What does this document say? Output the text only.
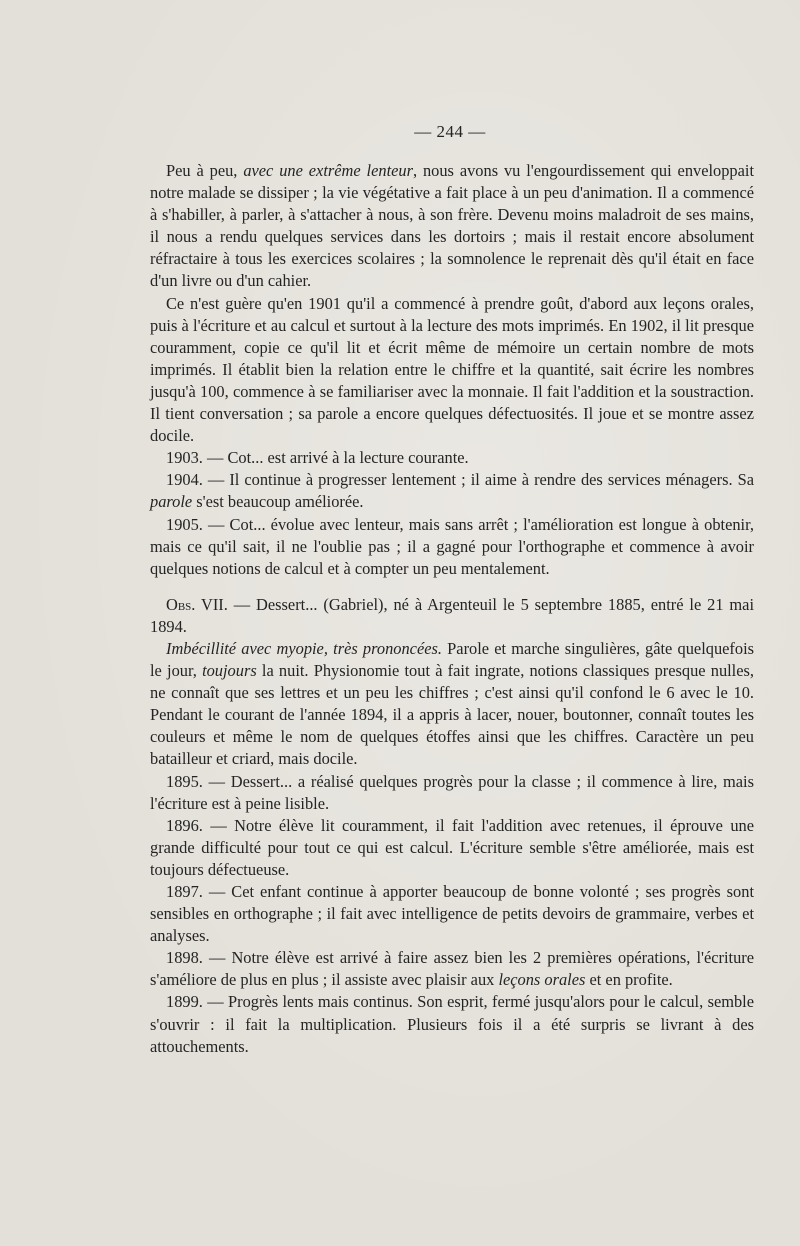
— 244 —

Peu à peu, avec une extrême lenteur, nous avons vu l'engourdissement qui enveloppait notre malade se dissiper ; la vie végétative a fait place à un peu d'animation. Il a commencé à s'habiller, à parler, à s'attacher à nous, à son frère. Devenu moins maladroit de ses mains, il nous a rendu quelques services dans les dortoirs ; mais il restait encore absolument réfractaire à tous les exercices scolaires ; la somnolence le reprenait dès qu'il était en face d'un livre ou d'un cahier.

Ce n'est guère qu'en 1901 qu'il a commencé à prendre goût, d'abord aux leçons orales, puis à l'écriture et au calcul et surtout à la lecture des mots imprimés. En 1902, il lit presque couramment, copie ce qu'il lit et écrit même de mémoire un certain nombre de mots imprimés. Il établit bien la relation entre le chiffre et la quantité, sait écrire les nombres jusqu'à 100, commence à se familiariser avec la monnaie. Il fait l'addition et la soustraction. Il tient conversation ; sa parole a encore quelques défectuosités. Il joue et se montre assez docile.

1903. — Cot... est arrivé à la lecture courante.

1904. — Il continue à progresser lentement ; il aime à rendre des services ménagers. Sa parole s'est beaucoup améliorée.

1905. — Cot... évolue avec lenteur, mais sans arrêt ; l'amélioration est longue à obtenir, mais ce qu'il sait, il ne l'oublie pas ; il a gagné pour l'orthographe et commence à avoir quelques notions de calcul et à compter un peu mentalement.

Obs. VII. — Dessert... (Gabriel), né à Argenteuil le 5 septembre 1885, entré le 21 mai 1894.

Imbécillité avec myopie, très prononcées. Parole et marche singulières, gâte quelquefois le jour, toujours la nuit. Physionomie tout à fait ingrate, notions classiques presque nulles, ne connaît que ses lettres et un peu les chiffres ; c'est ainsi qu'il confond le 6 avec le 10. Pendant le courant de l'année 1894, il a appris à lacer, nouer, boutonner, connaît toutes les couleurs et même le nom de quelques étoffes ainsi que les chiffres. Caractère un peu batailleur et criard, mais docile.

1895. — Dessert... a réalisé quelques progrès pour la classe ; il commence à lire, mais l'écriture est à peine lisible.

1896. — Notre élève lit couramment, il fait l'addition avec retenues, il éprouve une grande difficulté pour tout ce qui est calcul. L'écriture semble s'être améliorée, mais est toujours défectueuse.

1897. — Cet enfant continue à apporter beaucoup de bonne volonté ; ses progrès sont sensibles en orthographe ; il fait avec intelligence de petits devoirs de grammaire, verbes et analyses.

1898. — Notre élève est arrivé à faire assez bien les 2 premières opérations, l'écriture s'améliore de plus en plus ; il assiste avec plaisir aux leçons orales et en profite.

1899. — Progrès lents mais continus. Son esprit, fermé jusqu'alors pour le calcul, semble s'ouvrir : il fait la multiplication. Plusieurs fois il a été surpris se livrant à des attouchements.
